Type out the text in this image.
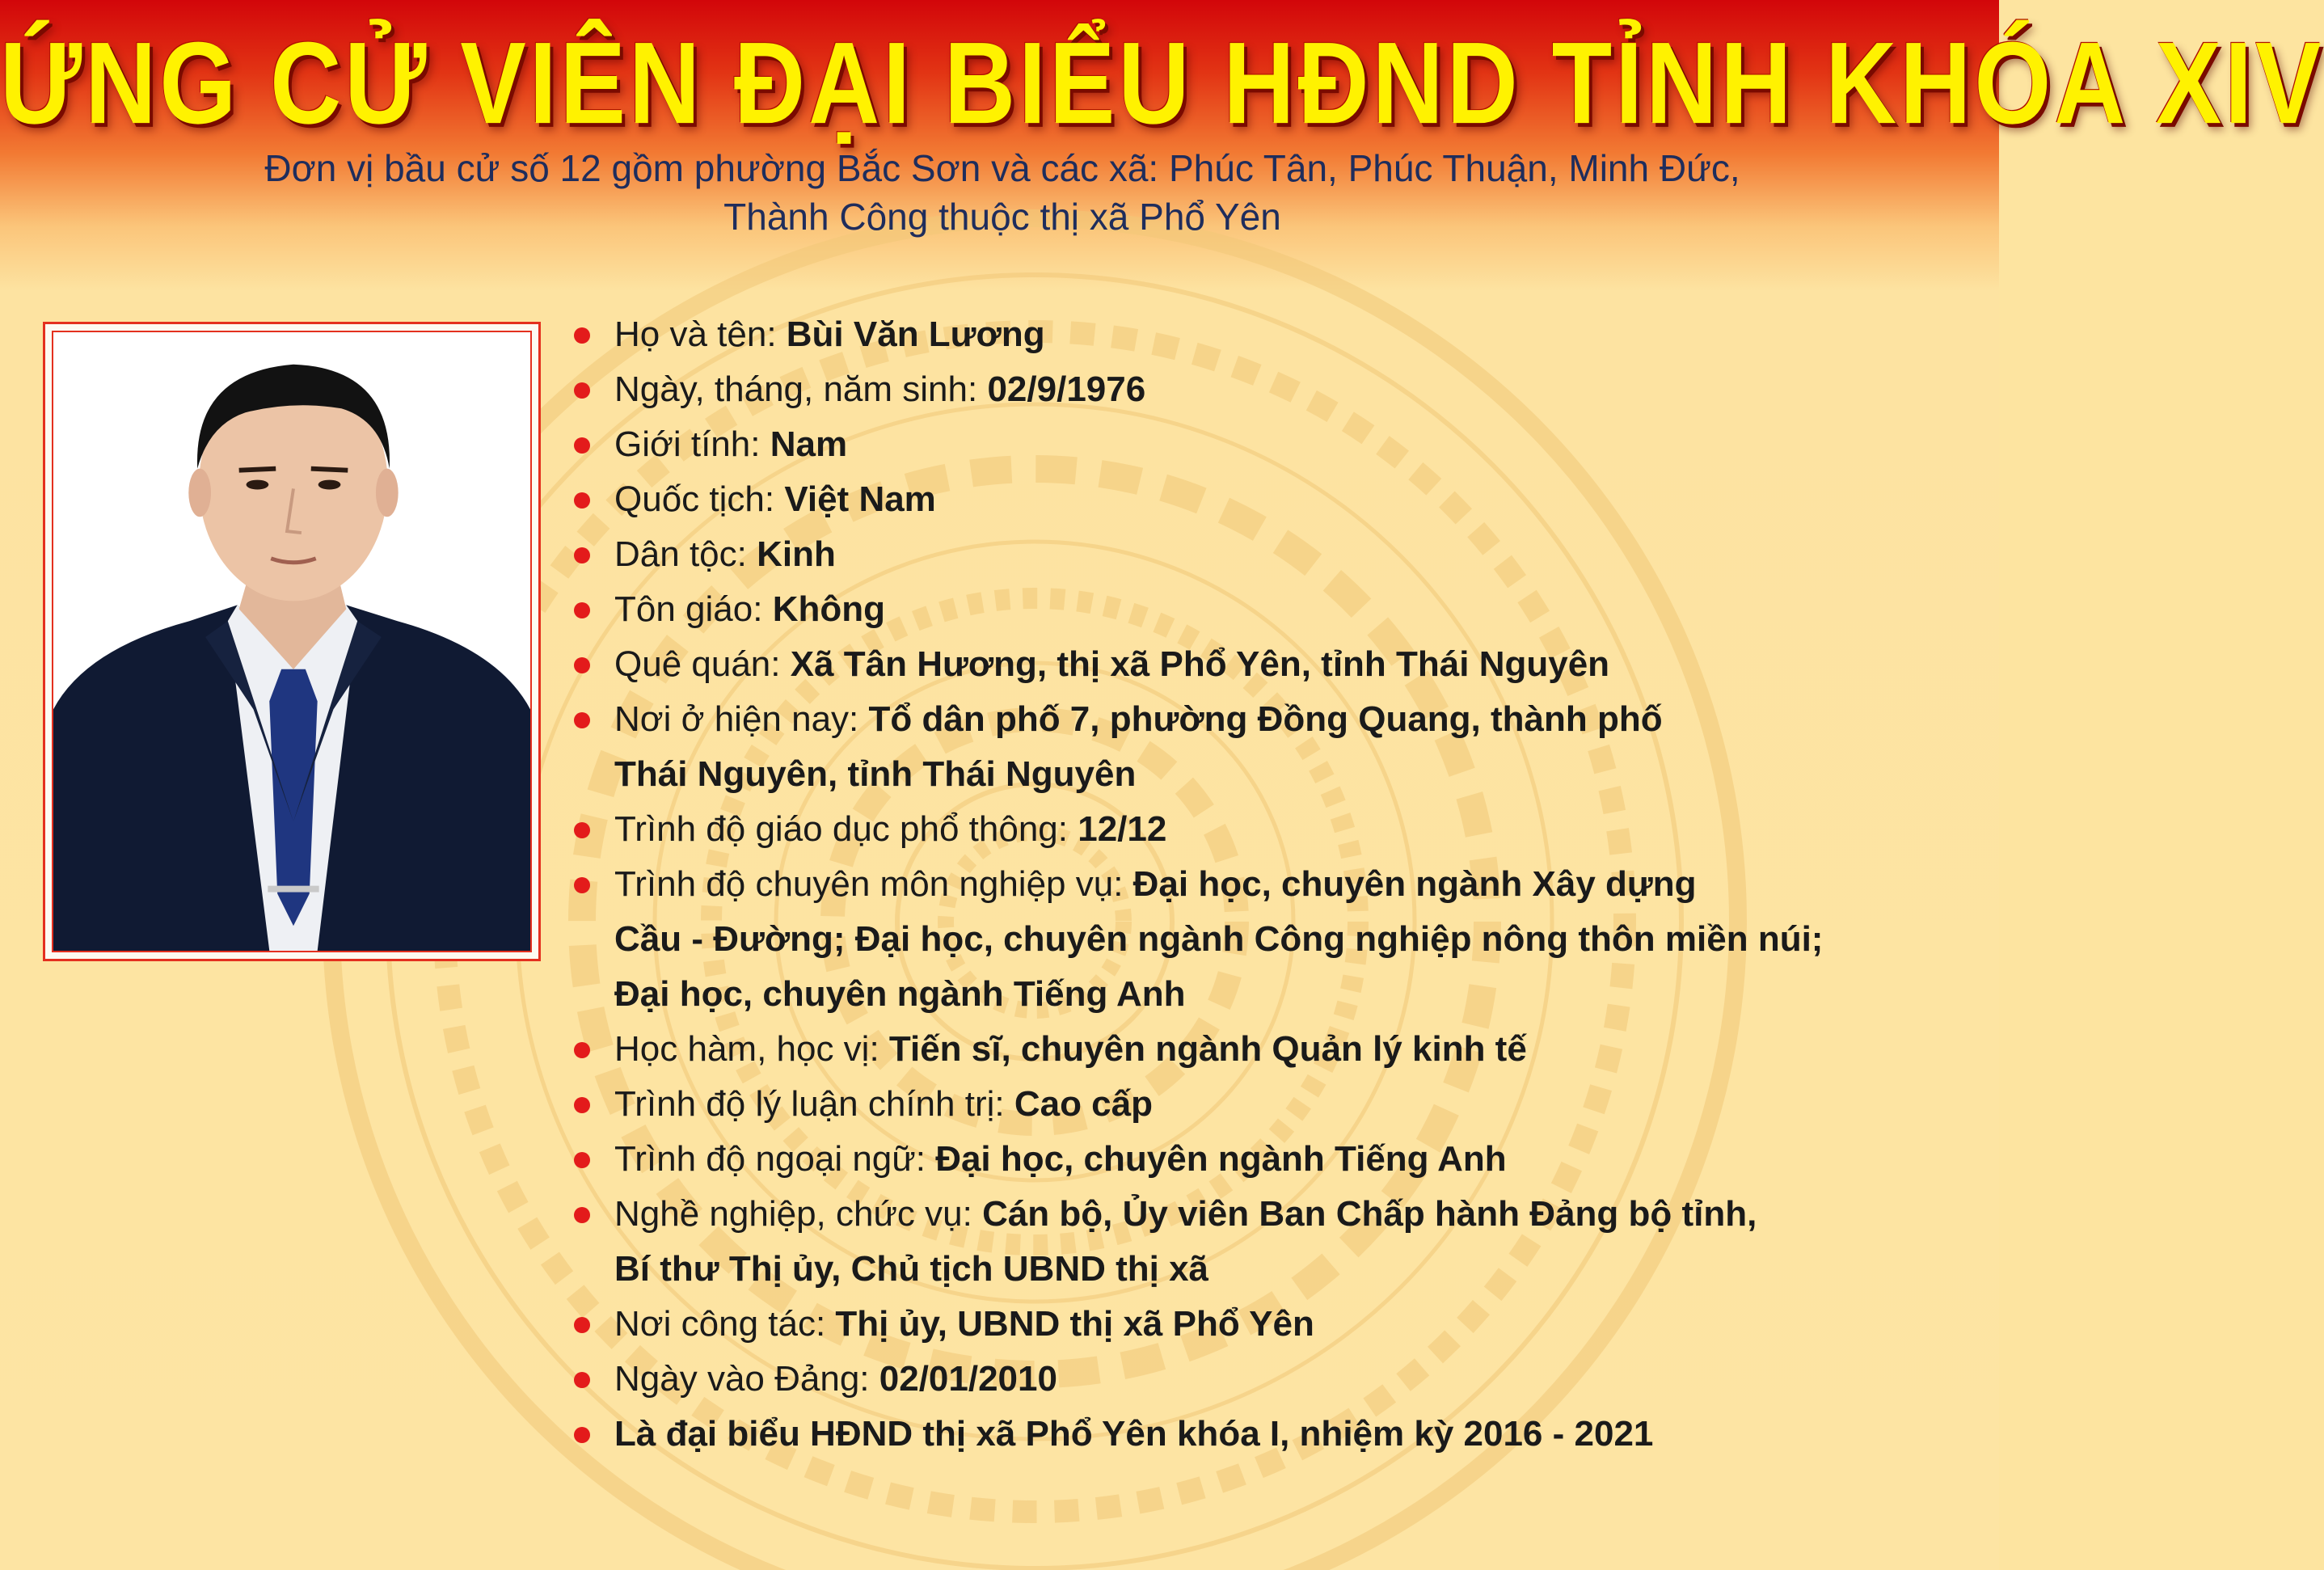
ỨNG CỬ VIÊN ĐẠI BIỂU HĐND TỈNH KHÓA XIV
Đơn vị bầu cử số 12 gồm phường Bắc Sơn và các xã: Phúc Tân, Phúc Thuận, Minh Đức,
Thành Công thuộc thị xã Phổ Yên
Họ và tên: Bùi Văn Lương
Ngày, tháng, năm sinh: 02/9/1976
Giới tính: Nam
Quốc tịch: Việt Nam
Dân tộc: Kinh
Tôn giáo: Không
Quê quán: Xã Tân Hương, thị xã Phổ Yên, tỉnh Thái Nguyên
Nơi ở hiện nay: Tổ dân phố 7, phường Đồng Quang, thành phố
Thái Nguyên, tỉnh Thái Nguyên
Trình độ giáo dục phổ thông: 12/12
Trình độ chuyên môn nghiệp vụ: Đại học, chuyên ngành Xây dựng
Cầu - Đường; Đại học, chuyên ngành Công nghiệp nông thôn miền núi;
Đại học, chuyên ngành Tiếng Anh
Học hàm, học vị: Tiến sĩ, chuyên ngành Quản lý kinh tế
Trình độ lý luận chính trị: Cao cấp
Trình độ ngoại ngữ: Đại học, chuyên ngành Tiếng Anh
Nghề nghiệp, chức vụ: Cán bộ, Ủy viên Ban Chấp hành Đảng bộ tỉnh,
Bí thư Thị ủy, Chủ tịch UBND thị xã
Nơi công tác: Thị ủy, UBND thị xã Phổ Yên
Ngày vào Đảng: 02/01/2010
Là đại biểu HĐND thị xã Phổ Yên khóa I, nhiệm kỳ 2016 - 2021
